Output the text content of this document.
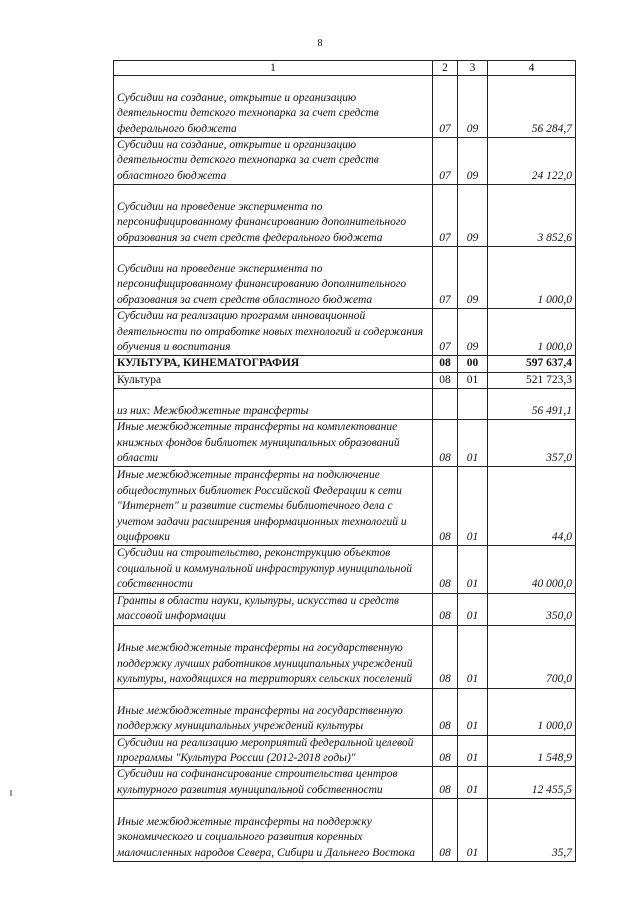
8
1	2	3	4
Субсидии на создание, открытие и организацию деятельности детского технопарка за счет средств федерального бюджета	07	09	56 284,7
Субсидии на создание, открытие и организацию деятельности детского технопарка за счет средств областного бюджета	07	09	24 122,0
Субсидии на проведение эксперимента по персонифицированному финансированию дополнительного образования за счет средств федерального бюджета	07	09	3 852,6
Субсидии на проведение эксперимента по персонифицированному финансированию дополнительного образования за счет средств областного бюджета	07	09	1 000,0
Субсидии на реализацию программ инновационной деятельности по отработке новых технологий и содержания обучения и воспитания	07	09	1 000,0
КУЛЬТУРА, КИНЕМАТОГРАФИЯ	08	00	597 637,4
Культура	08	01	521 723,3
из них: Межбюджетные трансферты			56 491,1
Иные межбюджетные трансферты на комплектование книжных фондов библиотек муниципальных образований области	08	01	357,0
Иные межбюджетные трансферты на подключение общедоступных библиотек Российской Федерации к сети "Интернет" и развитие системы библиотечного дела с учетом задачи расширения информационных технологий и оцифровки	08	01	44,0
Субсидии на строительство, реконструкцию объектов социальной и коммунальной инфраструктур муниципальной собственности	08	01	40 000,0
Гранты в области науки, культуры, искусства и средств массовой информации	08	01	350,0
Иные межбюджетные трансферты на государственную поддержку лучших работников муниципальных учреждений культуры, находящихся на территориях сельских поселений	08	01	700,0
Иные межбюджетные трансферты на государственную поддержку муниципальных учреждений культуры	08	01	1 000,0
Субсидии на реализацию мероприятий федеральной целевой программы "Культура России (2012-2018 годы)"	08	01	1 548,9
Субсидии на софинансирование строительства центров культурного развития муниципальной собственности	08	01	12 455,5
Иные межбюджетные трансферты на поддержку экономического и социального развития коренных малочисленных народов Севера, Сибири и Дальнего Востока	08	01	35,7
